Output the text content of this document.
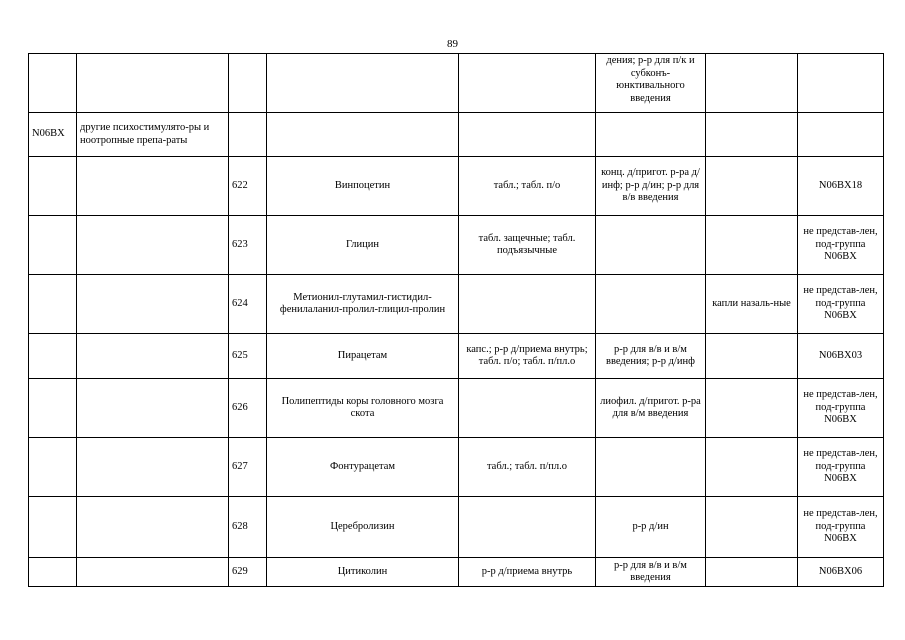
89
					дения; р-р для п/к и субконъ-юнктивального введения		
N06BX	другие психостимулято-ры и ноотропные препа-раты						
		622	Винпоцетин	табл.; табл. п/о	конц. д/пригот. р-ра д/инф; р-р д/ин; р-р для в/в введения		N06BX18
		623	Глицин	табл. защечные; табл. подъязычные			не представ-лен, под-группа N06BX
		624	Метионил-глутамил-гистидил-фенилаланил-пролил-глицил-пролин			капли назаль-ные	не представ-лен, под-группа N06BX
		625	Пирацетам	капс.; р-р д/приема внутрь; табл. п/о; табл. п/пл.о	р-р для в/в и в/м введения; р-р д/инф		N06BX03
		626	Полипептиды коры головного мозга скота		лиофил. д/пригот. р-ра для в/м введения		не представ-лен, под-группа N06BX
		627	Фонтурацетам	табл.; табл. п/пл.о			не представ-лен, под-группа N06BX
		628	Церебролизин		р-р д/ин		не представ-лен, под-группа N06BX
		629	Цитиколин	р-р д/приема внутрь	р-р для в/в и в/м введения		N06BX06
